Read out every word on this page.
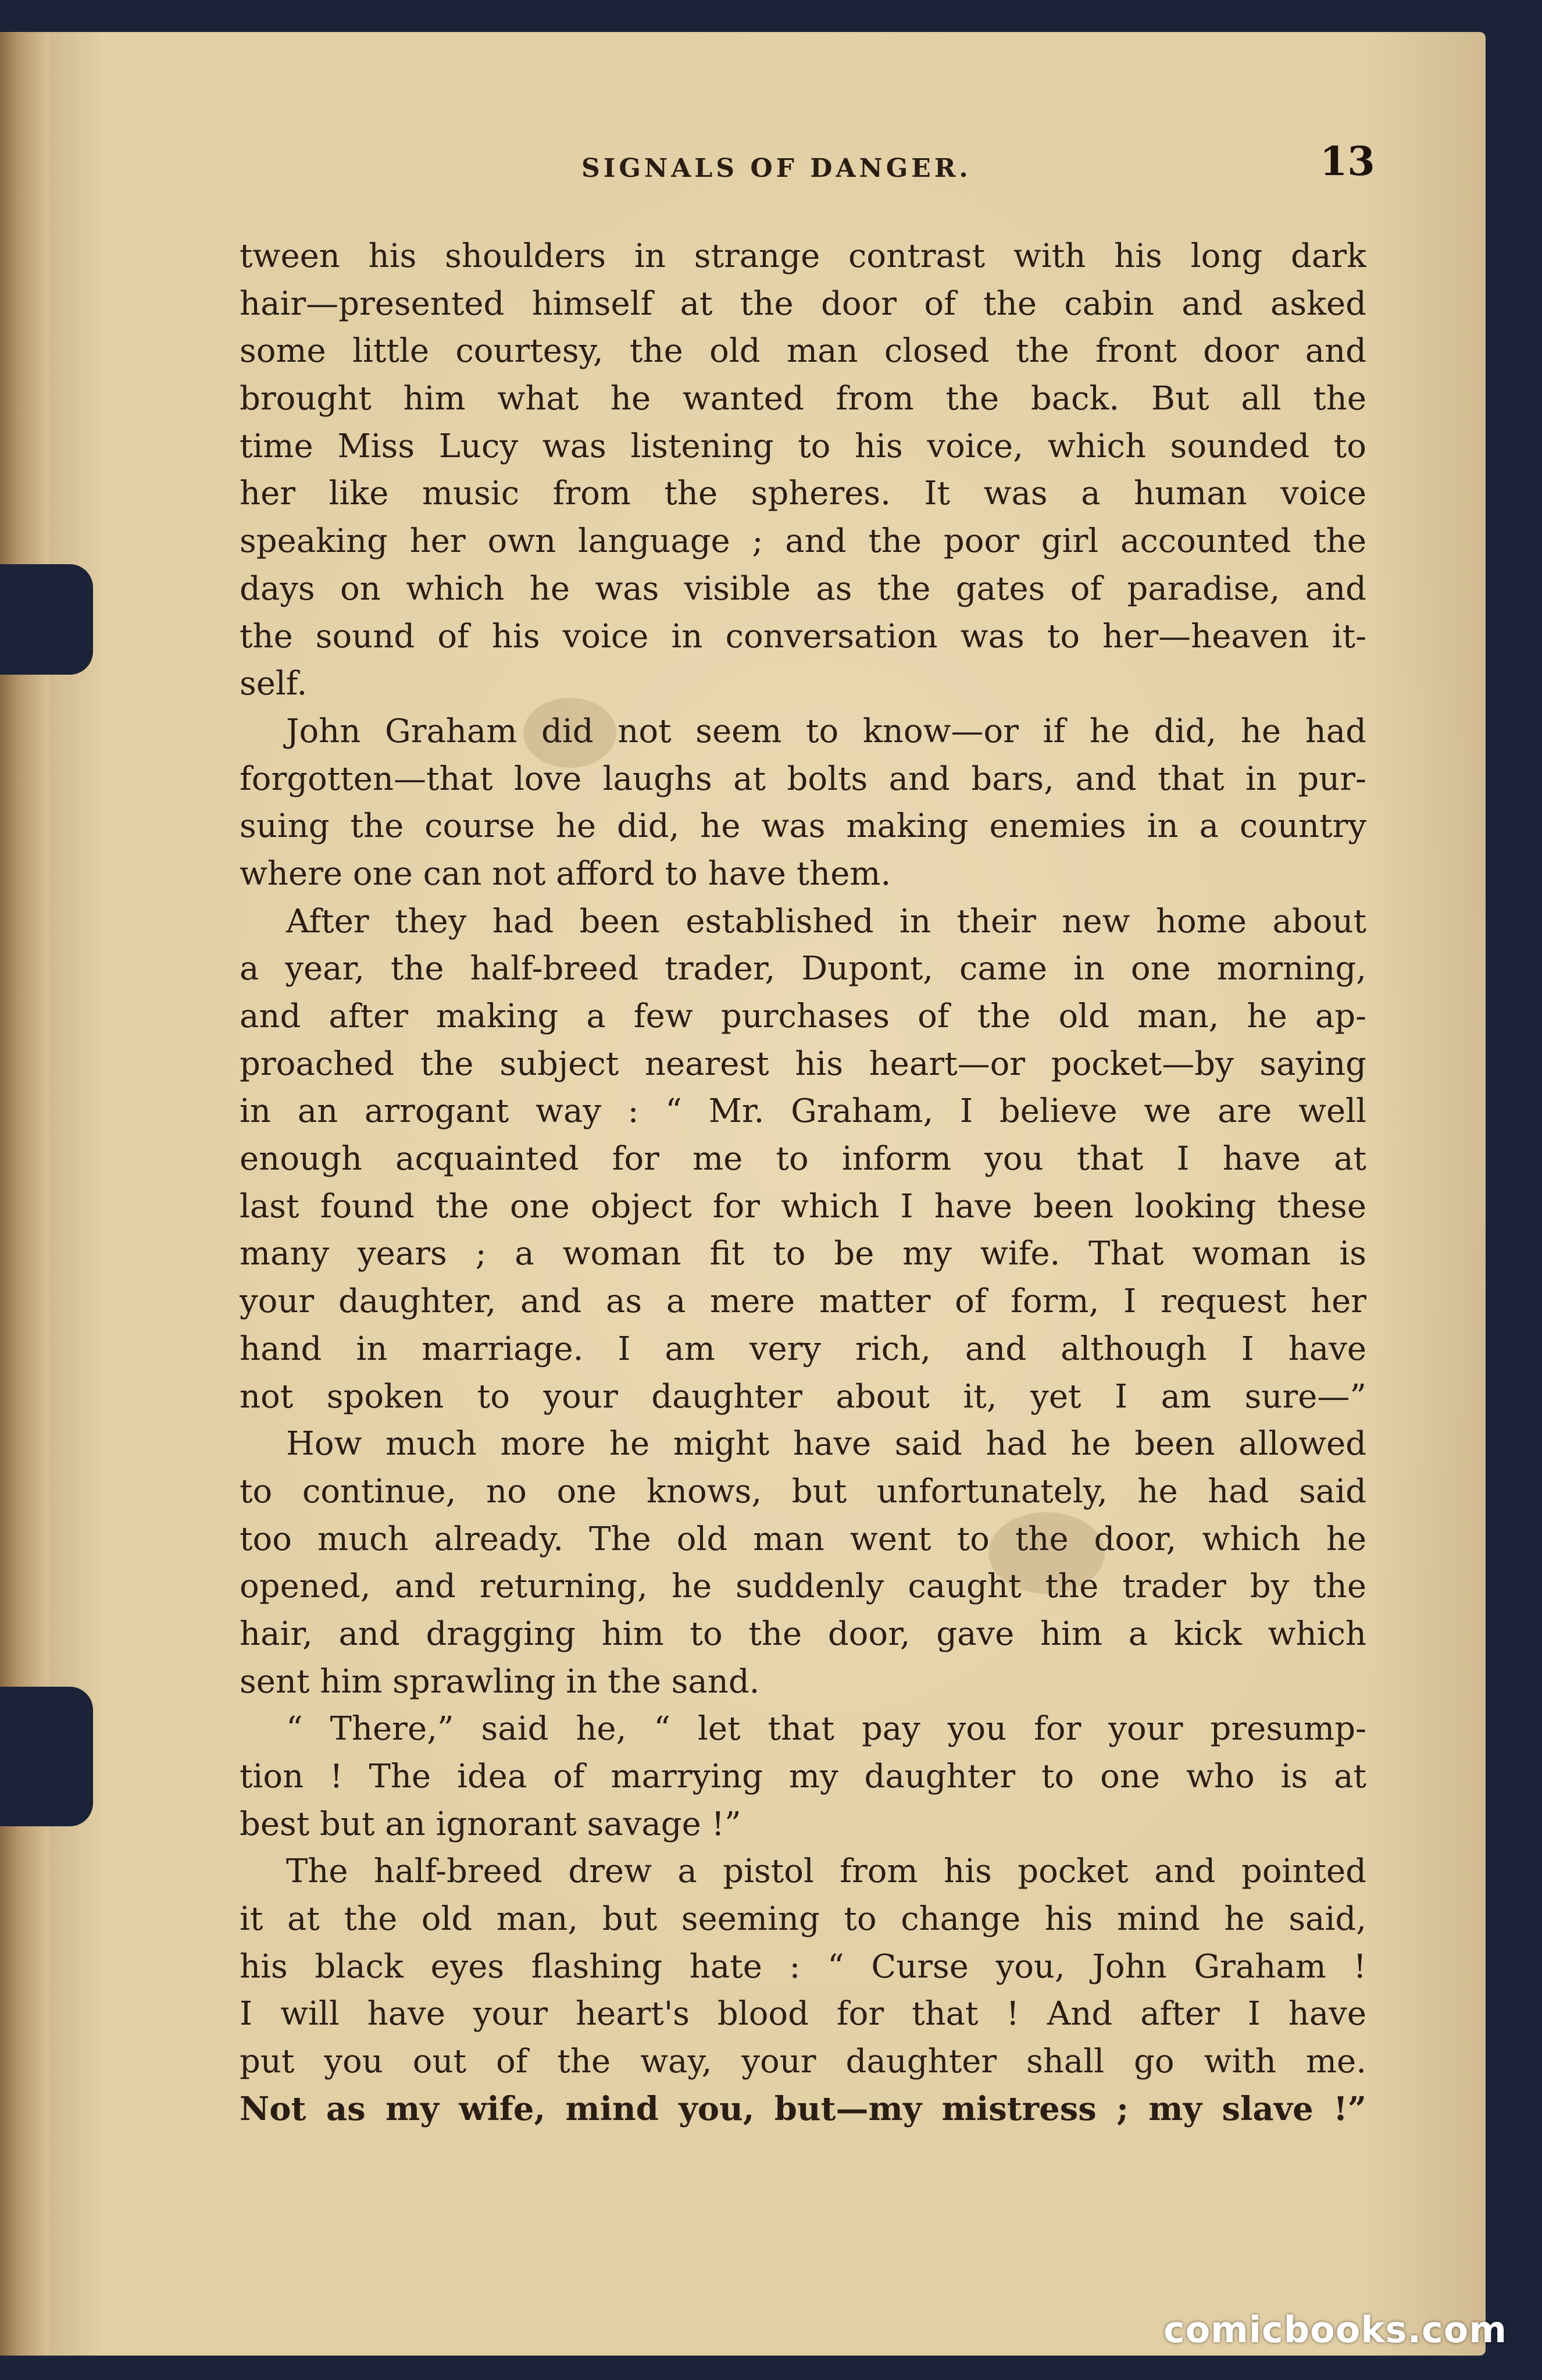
SIGNALS OF DANGER.	13
tween his shoulders in strange contrast with his long dark
hair—presented himself at the door of the cabin and asked
some little courtesy, the old man closed the front door and
brought him what he wanted from the back. But all the
time Miss Lucy was listening to his voice, which sounded to
her like music from the spheres. It was a human voice
speaking her own language ; and the poor girl accounted the
days on which he was visible as the gates of paradise, and
the sound of his voice in conversation was to her—heaven it-
self.
John Graham did not seem to know—or if he did, he had
forgotten—that love laughs at bolts and bars, and that in pur-
suing the course he did, he was making enemies in a country
where one can not afford to have them.
After they had been established in their new home about
a year, the half-breed trader, Dupont, came in one morning,
and after making a few purchases of the old man, he ap-
proached the subject nearest his heart—or pocket—by saying
in an arrogant way : “ Mr. Graham, I believe we are well
enough acquainted for me to inform you that I have at
last found the one object for which I have been looking these
many years ; a woman fit to be my wife. That woman is
your daughter, and as a mere matter of form, I request her
hand in marriage. I am very rich, and although I have
not spoken to your daughter about it, yet I am sure—”
How much more he might have said had he been allowed
to continue, no one knows, but unfortunately, he had said
too much already. The old man went to the door, which he
opened, and returning, he suddenly caught the trader by the
hair, and dragging him to the door, gave him a kick which
sent him sprawling in the sand.
“ There,” said he, “ let that pay you for your presump-
tion ! The idea of marrying my daughter to one who is at
best but an ignorant savage !”
The half-breed drew a pistol from his pocket and pointed
it at the old man, but seeming to change his mind he said,
his black eyes flashing hate : “ Curse you, John Graham !
I will have your heart's blood for that ! And after I have
put you out of the way, your daughter shall go with me.
Not as my wife, mind you, but—my mistress ; my slave !”
comicbooks.com
